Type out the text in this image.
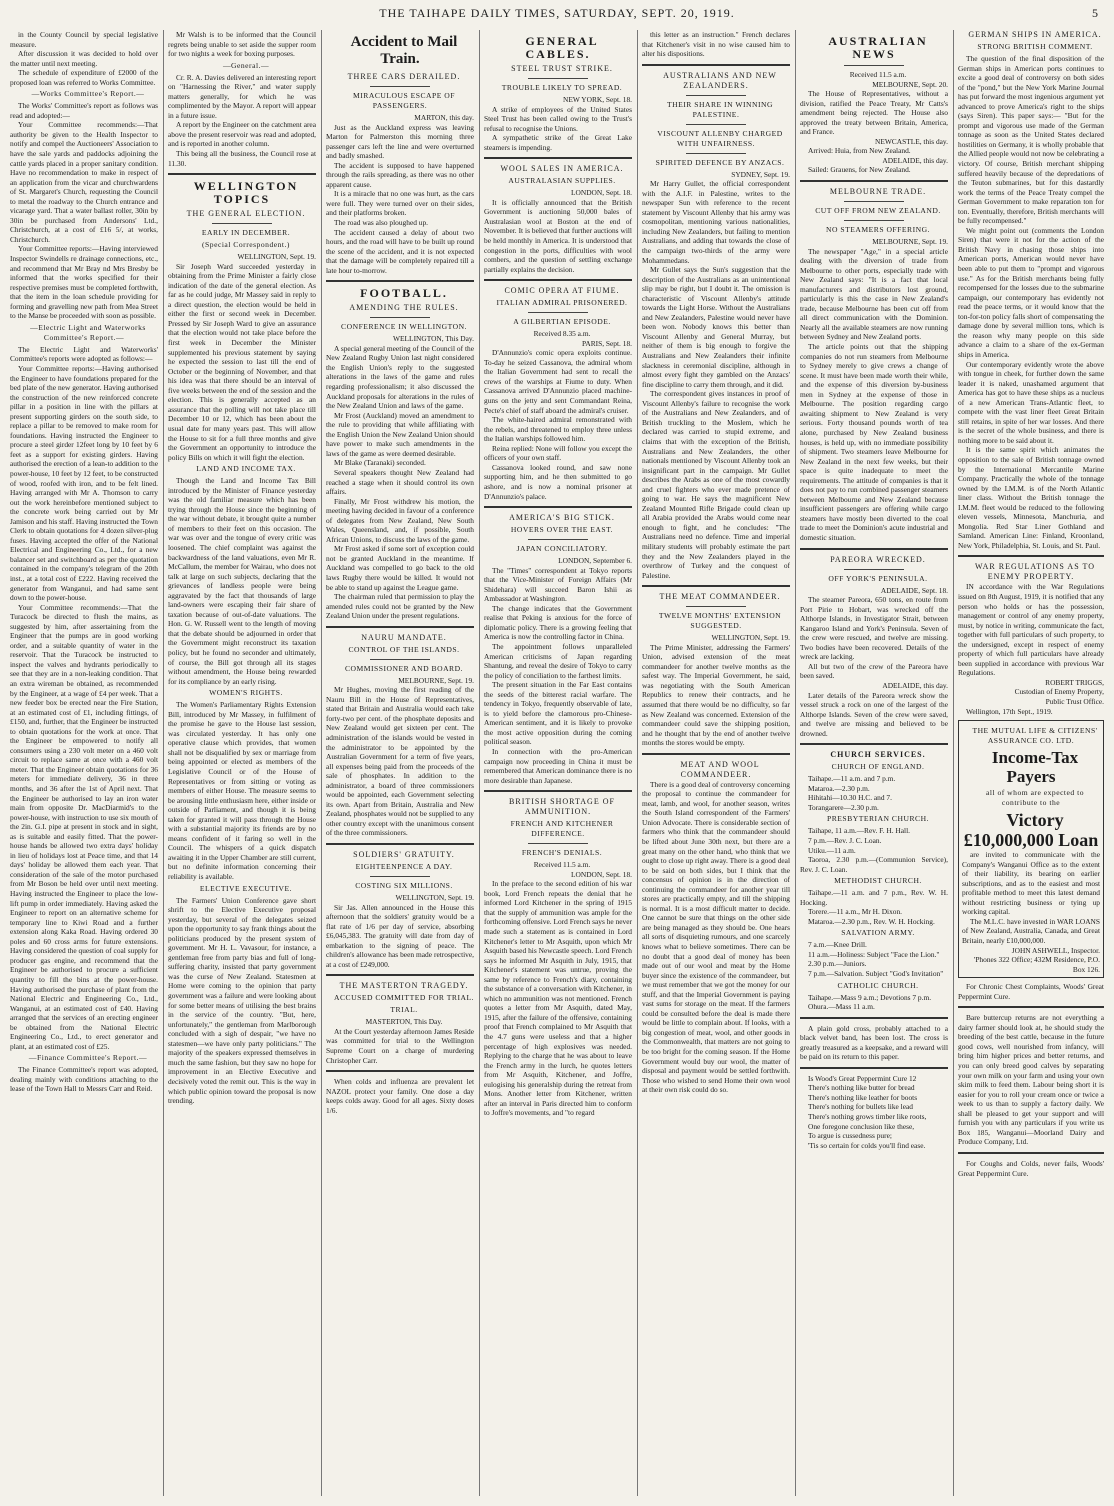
THE TAIHAPE DAILY TIMES, SATURDAY, SEPT. 20, 1919.	5

in the County Council by special legislative measure.

After discussion it was decided to hold over the matter until next meeting.

The schedule of expenditure of £2000 of the proposed loan was referred to Works Committee.

—Works Committee's Report.—

The Works' Committee's report as follows was read and adopted:—

Your Committee recommends:—That authority be given to the Health Inspector to notify and compel the Auctioneers' Association to have the sale yards and paddocks adjoining the cattle yards placed in a proper sanitary condition. Have no recommendation to make in respect of an application from the vicar and churchwardens of St. Margaret's Church, requesting the Council to metal the roadway to the Church entrance and vicarage yard. That a water ballast roller, 30in by 30in be purchased from Andersons' Ltd., Christchurch, at a cost of £16 5/, at works, Christchurch.

Your Committee reports:—Having interviewed Inspector Swindells re drainage connections, etc., and recommend that Mr Bray nd Mrs Bresby be informed that the works specified for their respective premises must be completed forthwith, that the item in the loan schedule providing for forming and gravelling new path from Mea Street to the Manse be proceeded with soon as possible.

—Electric Light and Waterworks Committee's Report.—

The Electric Light and Waterworks' Committee's reports were adopted as follows:—

Your Committee reports:—Having authorised the Engineer to have foundations prepared for the bed plate of the new generator. Having authorised the construction of the new reinforced concrete pillar in a position in line with the pillars at present supporting girders on the south side, to replace a pillar to be removed to make room for foundations. Having instructed the Engineer to procure a steel girder 12feet long by 10 feet by 6 feet as a support for existing girders. Having authorised the erection of a lean-to addition to the power-house, 10 feet by 12 feet, to be constructed of wood, roofed with iron, and to be felt lined. Having arranged with Mr A. Thomson to carry out the work hereinbefore mentioned subject to the concrete work being carried out by Mr Jamison and his staff. Having instructed the Town Clerk to obtain quotations for 4 dozen silver-plug fuses. Having accepted the offer of the National Electrical and Engineering Co., Ltd., for a new balancer set and switchboard as per the quotation contained in the company's telegram of the 20th inst., at a total cost of £222. Having received the generator from Wanganui, and had same sent down to the power-house.

Your Committee recommends:—That the Turacock be directed to flush the mains, as suggested by him, after assertaining from the Engineer that the pumps are in good working order, and a suitable quantity of water in the reservoir. That the Turacock be instructed to inspect the valves and hydrants periodically to see that they are in a non-leaking condition. That an extra wireman be obtained, as recommended by the Engineer, at a wage of £4 per week. That a new feeder box be erected near the Fire Station, at an estimated cost of £1, including fittings, of £150, and, further, that the Engineer be instructed to obtain quotations for the work at once. That the Engineer be empowered to notify all consumers using a 230 volt meter on a 460 volt circuit to replace same at once with a 460 volt meter. That the Engineer obtain quotations for 36 meters for immediate delivery, 36 in three months, and 36 after the 1st of April next. That the Engineer be authorised to lay an iron water main from opposite Dr. MacDiarmid's to the power-house, with instruction to use six mouth of the 2in. G.I. pipe at present in stock and in sight, as is suitable and easily fitted. That the power-house hands be allowed two extra days' holiday in lieu of holidays lost at Peace time, and that 14 days' holiday be allowed them each year. That consideration of the sale of the motor purchased from Mr Boson be held over until next meeting. Having instructed the Engineer to place the low-lift pump in order immediately. Having asked the Engineer to report on an alternative scheme for temporary line to Kiwi Road and a further extension along Kaka Road. Having ordered 30 poles and 60 cross arms for future extensions. Having considered the question of coal supply for producer gas engine, and recommend that the Engineer be authorised to procure a sufficient quantity to fill the bins at the power-house. Having authorised the purchase of plant from the National Electric and Engineering Co., Ltd., Wanganui, at an estimated cost of £40. Having arranged that the services of an erecting engineer be obtained from the National Electric Engineering Co., Ltd., to erect generator and plant, at an estimated cost of £25.

—Finance Committee's Report.—

The Finance Committee's report was adopted, dealing mainly with conditions attaching to the lease of the Town Hall to Messrs Carr and Reid.

Mr Walsh is to be informed that the Council regrets being unable to set aside the supper room for two nights a week for boxing purposes.

—General.—

Cr. R. A. Davies delivered an interesting report on "Harnessing the River," and water supply matters generally, for which he was complimented by the Mayor. A report will appear in a future issue.

A report by the Engineer on the catchment area above the present reservoir was read and adopted, and is reported in another column.

This being all the business, the Council rose at 11.30.

WELLINGTON TOPICS

THE GENERAL ELECTION.

EARLY IN DECEMBER.

(Special Correspondent.)

WELLINGTON, Sept. 19.

Sir Joseph Ward succeeded yesterday in obtaining from the Prime Minister a fairly close indication of the date of the general election. As far as he could judge, Mr Massey said in reply to a direct question, the election would be held in either the first or second week in December. Pressed by Sir Joseph Ward to give an assurance that the election would not take place before the first week in December the Minister supplemented his previous statement by saying he expected the session to last till the end of October or the beginning of November, and that his idea was that there should be an interval of five weeks between the end of the session and the election. This is generally accepted as an assurance that the polling will not take place till December 10 or 12, which has been about the usual date for many years past. This will allow the House to sit for a full three months and give the Government an opportunity to introduce the policy Bills on which it will fight the election.

LAND AND INCOME TAX.

Though the Land and Income Tax Bill introduced by the Minister of Finance yesterday was the old familiar measure which has been trying through the House since the beginning of the war without debate, it brought quite a number of members to their feet on this occasion. The war was over and the tongue of every critic was loosened. The chief complaint was against the backwardness of the land valuations, even Mr R. McCallum, the member for Wairau, who does not talk at large on such subjects, declaring that the grievances of landless people were being aggravated by the fact that thousands of large land-owners were escaping their fair share of taxation because of out-of-date valuations. The Hon. G. W. Russell went to the length of moving that the debate should be adjourned in order that the Government might reconstruct its taxation policy, but he found no seconder and ultimately, of course, the Bill got through all its stages without amendment, the House being rewarded for its compliance by an early rising.

WOMEN'S RIGHTS.

The Women's Parliamentary Rights Extension Bill, introduced by Mr Massey, in fulfilment of the promise he gave to the House last session, was circulated yesterday. It has only one operative clause which provides, that women shall not be disqualified by sex or marriage from being appointed or elected as members of the Legislative Council or of the House of Representatives or from sitting or voting as members of either House. The measure seems to be arousing little enthusiasm here, either inside or outside of Parliament, and though it is being taken for granted it will pass through the House with a substantial majority its friends are by no means confident of it faring so well in the Council. The whispers of a quick dispatch awaiting it in the Upper Chamber are still current, but no definite information concerning their reliability is available.

ELECTIVE EXECUTIVE.

The Farmers' Union Conference gave short shrift to the Elective Executive proposal yesterday, but several of the delegates seized upon the opportunity to say frank things about the politicians produced by the present system of government. Mr H. L. Vavasour, for instance, a gentleman free from party bias and full of long-suffering charity, insisted that party government was the curse of New Zealand. Statesmen at Home were coming to the opinion that party government was a failure and were looking about for some better means of utilising the best brains in the service of the country. "But, here, unfortunately," the gentleman from Marlborough concluded with a sigh of despair, "we have no statesmen—we have only party politicians." The majority of the speakers expressed themselves in much the same fashion, but they saw no hope for improvement in an Elective Executive and decisively voted the remit out. This is the way in which public opinion toward the proposal is now trending.

Accident to Mail Train.

THREE CARS DERAILED.

MIRACULOUS ESCAPE OF PASSENGERS.

MARTON, this day.

Just as the Auckland express was leaving Marton for Palmerston this morning three passenger cars left the line and were overturned and badly smashed.

The accident is supposed to have happened through the rails spreading, as there was no other apparent cause.

It is a miracle that no one was hurt, as the cars were full. They were turned over on their sides, and their platforms broken.

The road was also ploughed up.

The accident caused a delay of about two hours, and the road will have to be built up round the scene of the accident, and it is not expected that the damage will be completely repaired till a late hour to-morrow.

FOOTBALL.

AMENDING THE RULES.

CONFERENCE IN WELLINGTON.

WELLINGTON, This Day.

A special general meeting of the Council of the New Zealand Rugby Union last night considered the English Union's reply to the suggested alterations in the laws of the game and rules regarding professionalism; it also discussed the Auckland proposals for alterations in the rules of the New Zealand Union and laws of the game.

Mr Frost (Auckland) moved an amendment to the rule to providing that while affiliating with the English Union the New Zealand Union should have power to make such amendments in the laws of the game as were deemed desirable.

Mr Blake (Taranaki) seconded.

Several speakers thought New Zealand had reached a stage when it should control its own affairs.

Finally, Mr Frost withdrew his motion, the meeting having decided in favour of a conference of delegates from New Zealand, New South Wales, Queensland, and, if possible, South African Unions, to discuss the laws of the game.

Mr Frost asked if some sort of exception could not be granted Auckland in the meantime. If Auckland was compelled to go back to the old laws Rugby there would be killed. It would not be able to stand up against the League game.

The chairman ruled that permission to play the amended rules could not be granted by the New Zealand Union under the present regulations.

NAURU MANDATE.

CONTROL OF THE ISLANDS.

COMMISSIONER AND BOARD.

MELBOURNE, Sept. 19.

Mr Hughes, moving the first reading of the Nauru Bill in the House of Representatives, stated that Britain and Australia would each take forty-two per cent. of the phosphate deposits and New Zealand would get sixteen per cent. The administration of the islands would be vested in the administrator to be appointed by the Australian Government for a term of five years, all expenses being paid from the proceeds of the sale of phosphates. In addition to the administrator, a board of three commissioners would be appointed, each Government selecting its own. Apart from Britain, Australia and New Zealand, phosphates would not be supplied to any other country except with the unanimous consent of the three commissioners.

SOLDIERS' GRATUITY.

EIGHTEENPENCE A DAY.

COSTING SIX MILLIONS.

WELLINGTON, Sept. 19.

Sir Jas. Allen announced in the House this afternoon that the soldiers' gratuity would be a flat rate of 1/6 per day of service, absorbing £6,045,383. The gratuity will date from day of embarkation to the signing of peace. The children's allowance has been made retrospective, at a cost of £249,000.

THE MASTERTON TRAGEDY.

ACCUSED COMMITTED FOR TRIAL.

TRIAL.

MASTERTON, This Day.

At the Court yesterday afternoon James Reside was committed for trial to the Wellington Supreme Court on a charge of murdering Christopher Carr.

When colds and influenza are prevalent let NAZOL protect your family. One dose a day keeps colds away. Good for all ages. Sixty doses 1/6.

GENERAL CABLES.

STEEL TRUST STRIKE.

TROUBLE LIKELY TO SPREAD.

NEW YORK, Sept. 18.

A strike of employees of the United States Steel Trust has been called owing to the Trust's refusal to recognise the Unions.

A sympathetic strike of the Great Lake steamers is impending.

WOOL SALES IN AMERICA.

AUSTRALASIAN SUPPLIES.

LONDON, Sept. 18.

It is officially announced that the British Government is auctioning 50,000 bales of Australasian wool at Boston at the end of November. It is believed that further auctions will be held monthly in America. It is understood that congestion in the ports, difficulties with wool combers, and the question of settling exchange partially explains the decision.

COMIC OPERA AT FIUME.

ITALIAN ADMIRAL PRISONERED.

A GILBERTIAN EPISODE.

Received 8.35 a.m.

PARIS, Sept. 18.

D'Annunzio's comic opera exploits continue. To-day he seized Cassanova, the admiral whom the Italian Government had sent to recall the crews of the warships at Fiume to duty. When Cassanova arrived D'Annunzio placed machine-guns on the jetty and sent Commandant Reina, Pecte's chief of staff aboard the admiral's cruiser.

The white-haired admiral remonstrated with the rebels, and threatened to employ three unless the Italian warships followed him.

Reina replied: None will follow you except the officers of your own staff.

Cassanova looked round, and saw none supporting him, and he then submitted to go ashore, and is now a nominal prisoner at D'Annunzio's palace.

AMERICA'S BIG STICK.

HOVERS OVER THE EAST.

JAPAN CONCILIATORY.

LONDON, September 6.

The "Times" correspondent at Tokyo reports that the Vice-Minister of Foreign Affairs (Mr Shidehara) will succeed Baron Ishii as Ambassador at Washington.

The change indicates that the Government realise that Peking is anxious for the force of diplomatic policy. There is a growing feeling that America is now the controlling factor in China.

The appointment follows unparalleled American criticisms of Japan regarding Shantung, and reveal the desire of Tokyo to carry the policy of conciliation to the farthest limits.

The present situation in the Far East contains the seeds of the bitterest racial warfare. The tendency in Tokyo, frequently observable of late, is to yield before the clamorous pro-Chinese-American sentiment, and it is likely to provoke the most active opposition during the coming political season.

In connection with the pro-American campaign now proceeding in China it must be remembered that American dominance there is no more desirable than Japanese.

BRITISH SHORTAGE OF AMMUNITION.

FRENCH AND KITCHENER DIFFERENCE.

FRENCH'S DENIALS.

Received 11.5 a.m.

LONDON, Sept. 18.

In the preface to the second edition of his war book, Lord French repeats the denial that he informed Lord Kitchener in the spring of 1915 that the supply of ammunition was ample for the forthcoming offensive. Lord French says he never made such a statement as is contained in Lord Kitchener's letter to Mr Asquith, upon which Mr Asquith based his Newcastle speech. Lord French says he informed Mr Asquith in July, 1915, that Kitchener's statement was untrue, proving the same by reference to French's diary, containing the substance of a conversation with Kitchener, in which no ammunition was not mentioned. French quotes a letter from Mr Asquith, dated May, 1915, after the failure of the offensive, containing proof that French complained to Mr Asquith that the 4.7 guns were useless and that a higher percentage of high explosives was needed. Replying to the charge that he was about to leave the French army in the lurch, he quotes letters from Mr Asquith, Kitchener, and Joffre, eulogising his generalship during the retreat from Mons. Another letter from Kitchener, written after an interval in Paris directed him to conform to Joffre's movements, and "to regard

this letter as an instruction." French declares that Kitchener's visit in no wise caused him to alter his dispositions.

AUSTRALIANS AND NEW ZEALANDERS.

THEIR SHARE IN WINNING PALESTINE.

VISCOUNT ALLENBY CHARGED WITH UNFAIRNESS.

SPIRITED DEFENCE BY ANZACS.

SYDNEY, Sept. 19.

Mr Harry Gullet, the official correspondent with the A.I.F. in Palestine, writes to the newspaper Sun with reference to the recent statement by Viscount Allenby that his army was cosmopolitan, mentioning various nationalities, including New Zealanders, but failing to mention Australians, and adding that towards the close of the campaign two-thirds of the army were Mohammedans.

Mr Gullet says the Sun's suggestion that the description of the Australians as an unintentional slip may be right, but I doubt it. The omission is characteristic of Viscount Allenby's attitude towards the Light Horse. Without the Australians and New Zealanders, Palestine would never have been won. Nobody knows this better than Viscount Allenby and General Murray, but neither of them is big enough to forgive the Australians and New Zealanders their infinite slackness in ceremonial discipline, although in almost every fight they gambled on the Anzacs' fine discipline to carry them through, and it did.

The correspondent gives instances in proof of Viscount Allenby's failure to recognise the work of the Australians and New Zealanders, and of British truckling to the Moslem, which he declared was carried to stupid extreme, and claims that with the exception of the British, Australians and New Zealanders, the other nationals mentioned by Viscount Allenby took an insignificant part in the campaign. Mr Gullet describes the Arabs as one of the most cowardly and cruel fighters who ever made pretence of going to war. He says the magnificent New Zealand Mounted Rifle Brigade could clean up all Arabia provided the Arabs would come near enough to fight, and he concludes: "The Australians need no defence. Time and imperial military students will probably estimate the part they and the New Zealanders played in the overthrow of Turkey and the conquest of Palestine.

THE MEAT COMMANDEER.

TWELVE MONTHS' EXTENSION SUGGESTED.

WELLINGTON, Sept. 19.

The Prime Minister, addressing the Farmers' Union, advised extension of the meat commandeer for another twelve months as the safest way. The Imperial Government, he said, was negotiating with the South American Republics to renew their contracts, and he assumed that there would be no difficulty, so far as New Zealand was concerned. Extension of the commandeer could save the shipping position, and he thought that by the end of another twelve months the stores would be empty.

MEAT AND WOOL COMMANDEER.

There is a good deal of controversy concerning the proposal to continue the commandeer for meat, lamb, and wool, for another season, writes the South Island correspondent of the Farmers' Union Advocate. There is considerable section of farmers who think that the commandeer should be lifted about June 30th next, but there are a great many on the other hand, who think that we ought to close up right away. There is a good deal to be said on both sides, but I think that the concensus of opinion is in the direction of continuing the commandeer for another year till stores are practically empty, and till the shipping is normal. It is a most difficult matter to decide. One cannot be sure that things on the other side are being managed as they should be. One hears all sorts of disquieting rumours, and one scarcely knows what to believe sometimes. There can be no doubt that a good deal of money has been made out of our wool and meat by the Home buyer since the existence of the commandeer, but we must remember that we got the money for our stuff, and that the Imperial Government is paying vast sums for storage on the meat. If the farmers could be consulted before the deal is made there would be little to complain about. If looks, with a big congestion of meat, wool, and other goods in the Commonwealth, that matters are not going to be too bright for the coming season. If the Home Government would buy our wool, the matter of disposal and payment would be settled forthwith. Those who wished to send Home their own wool at their own risk could do so.

AUSTRALIAN NEWS

Received 11.5 a.m.

MELBOURNE, Sept. 20.

The House of Representatives, without a division, ratified the Peace Treaty, Mr Catts's amendment being rejected. The House also approved the treaty between Britain, America, and France.

NEWCASTLE, this day.

Arrived: Huia, from New Zealand.

ADELAIDE, this day.

Sailed: Grauens, for New Zealand.

MELBOURNE TRADE.

CUT OFF FROM NEW ZEALAND.

NO STEAMERS OFFERING.

MELBOURNE, Sept. 19.

The newspaper "Age," in a special article dealing with the diversion of trade from Melbourne to other ports, especially trade with New Zealand says: "It is a fact that local manufacturers and distributors lost ground, particularly is this the case in New Zealand's trade, because Melbourne has been cut off from all direct communication with the Dominion. Nearly all the available steamers are now running between Sydney and New Zealand ports.

The article points out that the shipping companies do not run steamers from Melbourne to Sydney merely to give crews a change of scene. It must have been made worth their while, and the expense of this diversion by-business men in Sydney at the expense of those in Melbourne. The position regarding cargo awaiting shipment to New Zealand is very serious. Forty thousand pounds worth of tea alone, purchased by New Zealand business houses, is held up, with no immediate possibility of shipment. Two steamers leave Melbourne for New Zealand in the next few weeks, but their space is quite inadequate to meet the requirements. The attitude of companies is that it does not pay to run combined passenger steamers between Melbourne and New Zealand because insufficient passengers are offering while cargo steamers have mostly been diverted to the coal trade to meet the Dominion's acute industrial and domestic situation.

PAREORA WRECKED.

OFF YORK'S PENINSULA.

ADELAIDE, Sept. 18.

The steamer Pareora, 650 tons, en route from Port Pirie to Hobart, was wrecked off the Althorpe Islands, in Investigator Strait, between Kangaroo Island and York's Peninsula. Seven of the crew were rescued, and twelve are missing. Two bodies have been recovered. Details of the wreck are lacking.

All but two of the crew of the Pareora have been saved.

ADELAIDE, this day.

Later details of the Pareora wreck show the vessel struck a rock on one of the largest of the Althorpe Islands. Seven of the crew were saved, and twelve are missing and believed to be drowned.

CHURCH SERVICES.

CHURCH OF ENGLAND.

Taihape.—11 a.m. and 7 p.m.

Mataroa.—2.30 p.m.

Hihitahi—10.30 H.C. and 7.

Torangarere—2.30 p.m.

PRESBYTERIAN CHURCH.

Taihape, 11 a.m.—Rev. F. H. Hall.

7 p.m.—Rev. J. C. Loan.

Utiku.—11 a.m.

Taoroa, 2.30 p.m.—(Communion Service), Rev. J. C. Loan.

METHODIST CHURCH.

Taihape.—11 a.m. and 7 p.m., Rev. W. H. Hocking.

Torere.—11 a.m., Mr H. Dixon.

Mataroa.—2.30 p.m., Rev. W. H. Hocking.

SALVATION ARMY.

7 a.m.—Knee Drill.

11 a.m.—Holiness: Subject "Face the Lion."

2.30 p.m.—Juniors.

7 p.m.—Salvation. Subject "God's Invitation"

CATHOLIC CHURCH.

Taihape.—Mass 9 a.m.; Devotions 7 p.m.

Ohura.—Mass 11 a.m.

A plain gold cross, probably attached to a black velvet band, has been lost. The cross is greatly treasured as a keepsake, and a reward will be paid on its return to this paper.

Is Wood's Great Peppermint Cure 12

There's nothing like butter for bread

There's nothing like leather for boots

There's nothing for bullets like lead

There's nothing grows timber like roots,

One foregone conclusion like these,

To argue is cussedness pure;

'Tis so certain for colds you'll find ease.

GERMAN SHIPS IN AMERICA.

STRONG BRITISH COMMENT.

The question of the final disposition of the German ships in American ports continues to excite a good deal of controversy on both sides of the "pond," but the New York Marine Journal has put forward the most ingenious argument yet advanced to prove America's right to the ships (says Siren). This paper says:— "But for the prompt and vigorous use made of the German tonnage as soon as the United States declared hostilities on Germany, it is wholly probable that the Allied people would not now be celebrating a victory. Of course, British merchant shipping suffered heavily because of the depredations of the Teuton submarines, but for this dastardly work the terms of the Peace Treaty compel the German Government to make reparation ton for ton. Eventually, therefore, British merchants will be fully recompensed."

We might point out (comments the London Siren) that were it not for the action of the British Navy in chasing those ships into American ports, American would never have been able to put them to "prompt and vigorous use." As for the British merchants being fully recompensed for the losses due to the submarine campaign, our contemporary has evidently not read the peace terms, or it would know that the ton-for-ton policy falls short of compensating the damage done by several million tons, which is the reason why many people on this side advance a claim to a share of the ex-German ships in America.

Our contemporary evidently wrote the above with tongue in cheek, for further down the same leader it is naked, unashamed argument that America has got to have these ships as a nucleus of a new American Trans-Atlantic fleet, to compete with the vast liner fleet Great Britain still retains, in spite of her war losses. And there is the secret of the whole business, and there is nothing more to be said about it.

It is the same spirit which animates the opposition to the sale of British tonnage owned by the International Mercantile Marine Company. Practically the whole of the tonnage owned by the I.M.M. is of the North Atlantic liner class. Without the British tonnage the I.M.M. fleet would be reduced to the following eleven vessels, Minnesota, Manchuria, and Mongolia. Red Star Liner Gothland and Samland. American Line: Finland, Kroonland, New York, Philadelphia, St. Louis, and St. Paul.

WAR REGULATIONS AS TO ENEMY PROPERTY.

IN accordance with the War Regulations issued on 8th August, 1919, it is notified that any person who holds or has the possession, management or control of any enemy property, must, by notice in writing, communicate the fact, together with full particulars of such property, to the undersigned, except in respect of enemy property of which full particulars have already been supplied in accordance with previous War Regulations.

ROBERT TRIGGS,

Custodian of Enemy Property,

Public Trust Office.

Wellington, 17th Sept., 1919.

THE MUTUAL LIFE & CITIZENS' ASSURANCE CO. LTD.

Income-Tax Payers

all of whom are expected to contribute to the

Victory £10,000,000 Loan

are invited to communicate with the Company's Wanganui Office as to the extent of their liability, its bearing on earlier subscriptions, and as to the easiest and most profitable method to meet this latest demand without restricting business or tying up working capital.

The M.L.C. have invested in WAR LOANS of New Zealand, Australia, Canada, and Great Britain, nearly £10,000,000.

JOHN ASHWELL, Inspector.

'Phones 322 Office; 432M Residence, P.O. Box 126.

For Chronic Chest Complaints, Woods' Great Peppermint Cure.

Bare buttercup returns are not everything a dairy farmer should look at, he should study the breeding of the best cattle, because in the future good cows, well nourished from infancy, will bring him higher prices and better returns, and you can only breed good calves by separating your own milk on your farm and using your own skim milk to feed them. Labour being short it is easier for you to roll your cream once or twice a week to us than to supply a factory daily. We shall be pleased to get your support and will furnish you with any particulars if you write us Box 185, Wanganui—Moorland Dairy and Produce Company, Ltd.

For Coughs and Colds, never fails, Woods' Great Peppermint Cure.
